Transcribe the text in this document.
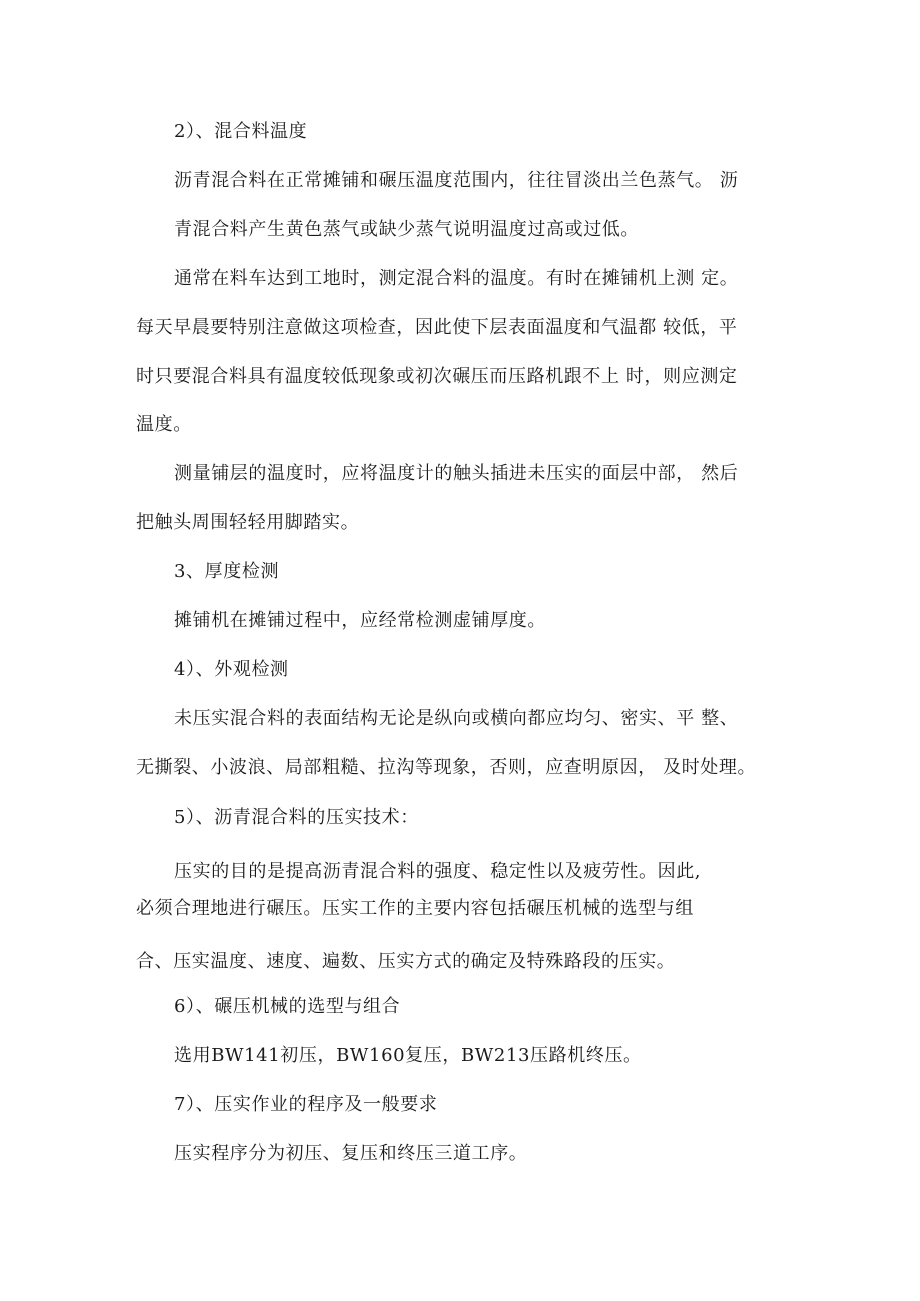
2）、混合料温度
沥青混合料在正常摊铺和碾压温度范围内，往往冒淡出兰色蒸气。 沥
青混合料产生黄色蒸气或缺少蒸气说明温度过高或过低。
通常在料车达到工地时，测定混合料的温度。有时在摊铺机上测 定。
每天早晨要特别注意做这项检查，因此使下层表面温度和气温都 较低，平
时只要混合料具有温度较低现象或初次碾压而压路机跟不上 时，则应测定
温度。
测量铺层的温度时，应将温度计的触头插进未压实的面层中部， 然后
把触头周围轻轻用脚踏实。
3、厚度检测
摊铺机在摊铺过程中，应经常检测虚铺厚度。
4）、外观检测
未压实混合料的表面结构无论是纵向或横向都应均匀、密实、平 整、
无撕裂、小波浪、局部粗糙、拉沟等现象，否则，应查明原因， 及时处理。
5）、沥青混合料的压实技术：
压实的目的是提高沥青混合料的强度、稳定性以及疲劳性。因此,
必须合理地进行碾压。压实工作的主要内容包括碾压机械的选型与组
合、压实温度、速度、遍数、压实方式的确定及特殊路段的压实。
6）、碾压机械的选型与组合
选用BW141初压，BW160复压，BW213压路机终压。
7）、压实作业的程序及一般要求
压实程序分为初压、复压和终压三道工序。
